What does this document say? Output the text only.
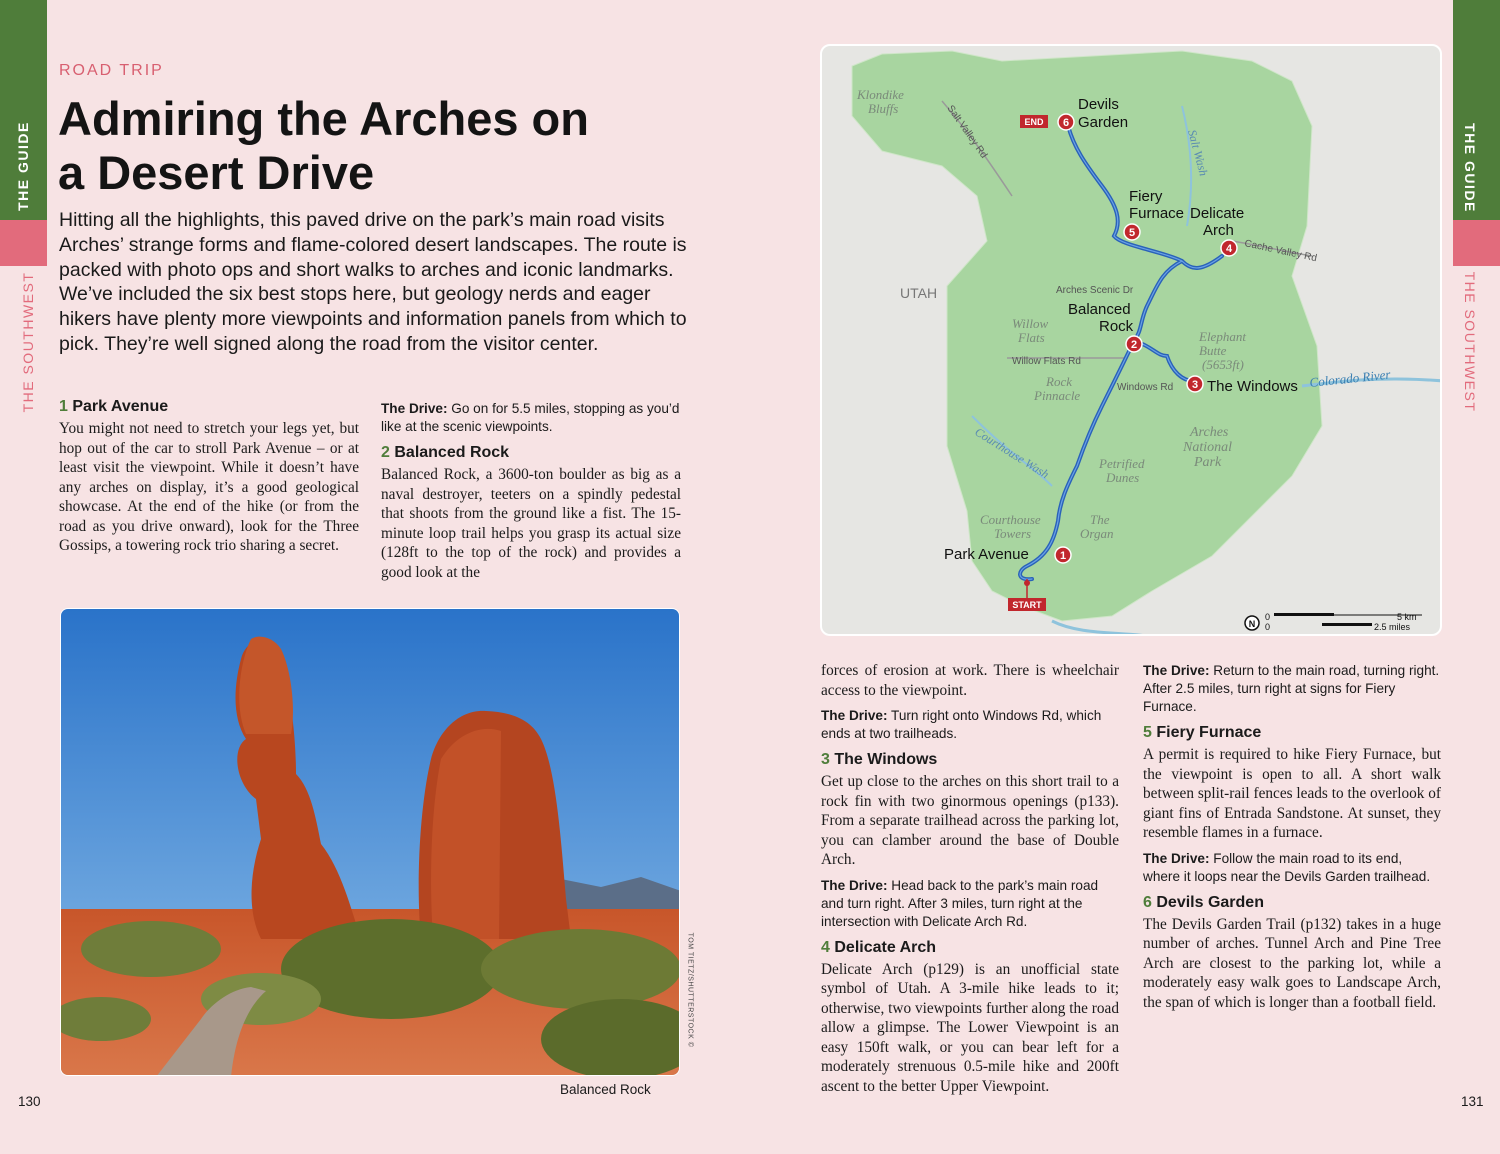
THE GUIDE
THE SOUTHWEST
THE GUIDE
THE SOUTHWEST
ROAD TRIP
Admiring the Arches on a Desert Drive

Hitting all the highlights, this paved drive on the park’s main road visits Arches’ strange forms and flame-colored desert landscapes. The route is packed with photo ops and short walks to arches and iconic landmarks. We’ve included the six best stops here, but geology nerds and eager hikers have plenty more viewpoints and information panels from which to pick. They’re well signed along the road from the visitor center.

1 Park Avenue

You might not need to stretch your legs yet, but hop out of the car to stroll Park Avenue – or at least visit the viewpoint. While it doesn’t have any arches on display, it’s a good geological showcase. At the end of the hike (or from the road as you drive onward), look for the Three Gossips, a towering rock trio sharing a secret.

The Drive: Go on for 5.5 miles, stopping as you’d like at the scenic viewpoints.

2 Balanced Rock

Balanced Rock, a 3600-ton boulder as big as a naval destroyer, teeters on a spindly pedestal that shoots from the ground like a fist. The 15-minute loop trail helps you grasp its actual size (128ft to the top of the rock) and provides a good look at the

TOM TIETZ/SHUTTERSTOCK ©
Balanced Rock
130	131
6
5
4
2
3
1
END
START
Devils
Garden
Fiery
Furnace Delicate
Arch
Balanced
Rock
The Windows
Park Avenue
Klondike
Bluffs
Willow
Flats
Rock
Pinnacle
Petrified
Dunes
Courthouse
Towers
The
Organ
Elephant
Butte
(5653ft)
Arches
National
Park
Colorado River
UTAH	Arches Scenic Dr
Willow Flats Rd
Windows Rd
Cache Valley Rd
Salt Valley Rd	Salt Wash
Courthouse Wash
N
0
0
5 km
2.5 miles

forces of erosion at work. There is wheelchair access to the viewpoint.

The Drive: Turn right onto Windows Rd, which ends at two trailheads.

3 The Windows

Get up close to the arches on this short trail to a rock fin with two ginormous openings (p133). From a separate trailhead across the parking lot, you can clamber around the base of Double Arch.

The Drive: Head back to the park’s main road and turn right. After 3 miles, turn right at the intersection with Delicate Arch Rd.

4 Delicate Arch

Delicate Arch (p129) is an unofficial state symbol of Utah. A 3-mile hike leads to it; otherwise, two viewpoints further along the road allow a glimpse. The Lower Viewpoint is an easy 150ft walk, or you can bear left for a moderately strenuous 0.5-mile hike and 200ft ascent to the better Upper Viewpoint.

The Drive: Return to the main road, turning right. After 2.5 miles, turn right at signs for Fiery Furnace.

5 Fiery Furnace

A permit is required to hike Fiery Furnace, but the viewpoint is open to all. A short walk between split-rail fences leads to the overlook of giant fins of Entrada Sandstone. At sunset, they resemble flames in a furnace.

The Drive: Follow the main road to its end, where it loops near the Devils Garden trailhead.

6 Devils Garden

The Devils Garden Trail (p132) takes in a huge number of arches. Tunnel Arch and Pine Tree Arch are closest to the parking lot, while a moderately easy walk goes to Landscape Arch, the span of which is longer than a football field.
